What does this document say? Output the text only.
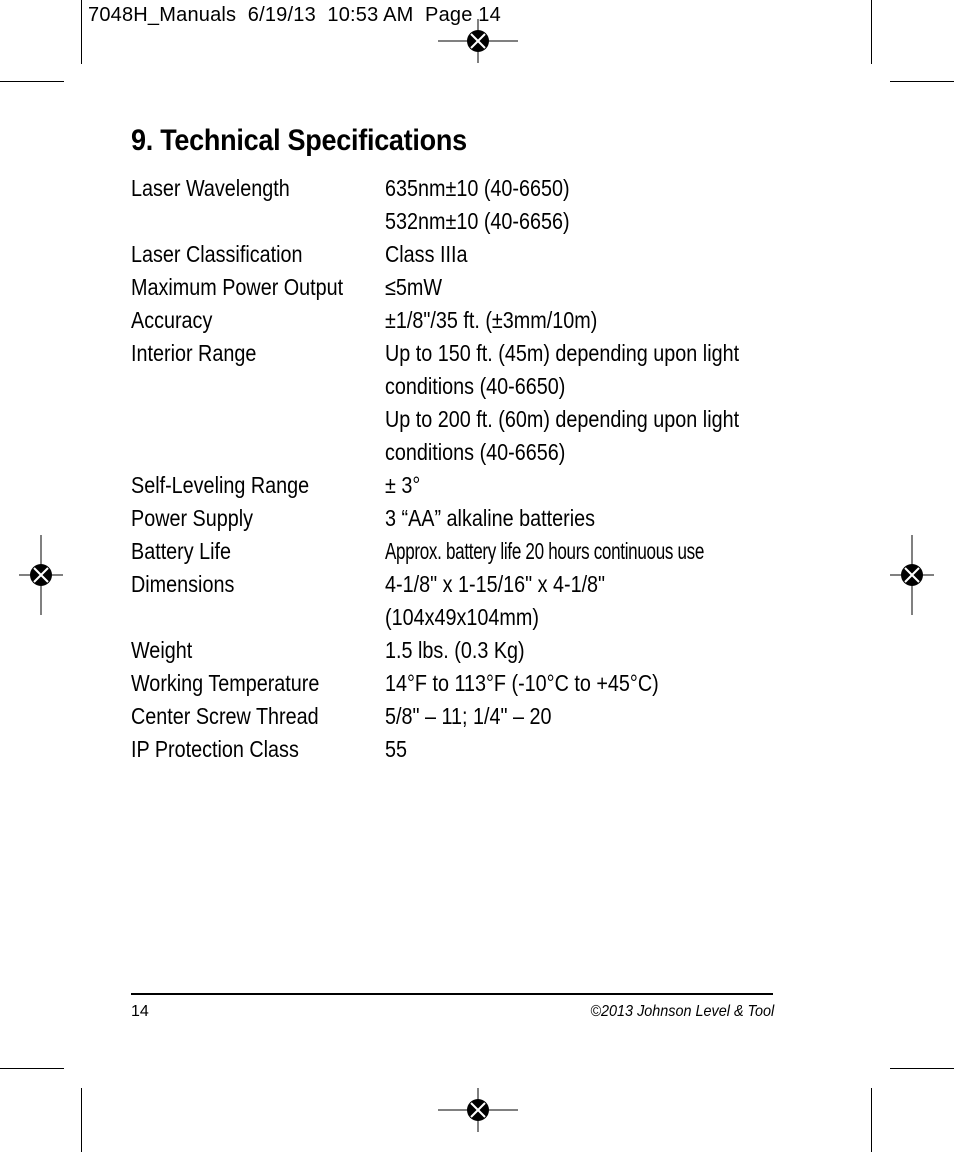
7048H_Manuals  6/19/13  10:53 AM  Page 14
9. Technical Specifications
Laser Wavelength	635nm±10 (40-6650)
532nm±10 (40-6656)
Laser Classification	Class IIIa
Maximum Power Output ≤5mW
Accuracy	±1/8"/35 ft. (±3mm/10m)
Interior Range	Up to 150 ft. (45m) depending upon light
conditions (40-6650)
Up to 200 ft. (60m) depending upon light
conditions (40-6656)
Self-Leveling Range	± 3°
Power Supply	3 “AA” alkaline batteries
Battery Life	Approx. battery life 20 hours continuous use
Dimensions	4-1/8" x 1-15/16" x 4-1/8"
(104x49x104mm)
Weight	1.5 lbs. (0.3 Kg)
Working Temperature	14°F to 113°F (-10°C to +45°C)
Center Screw Thread	5/8" – 11; 1/4" – 20
IP Protection Class	55
14	©2013 Johnson Level & Tool
